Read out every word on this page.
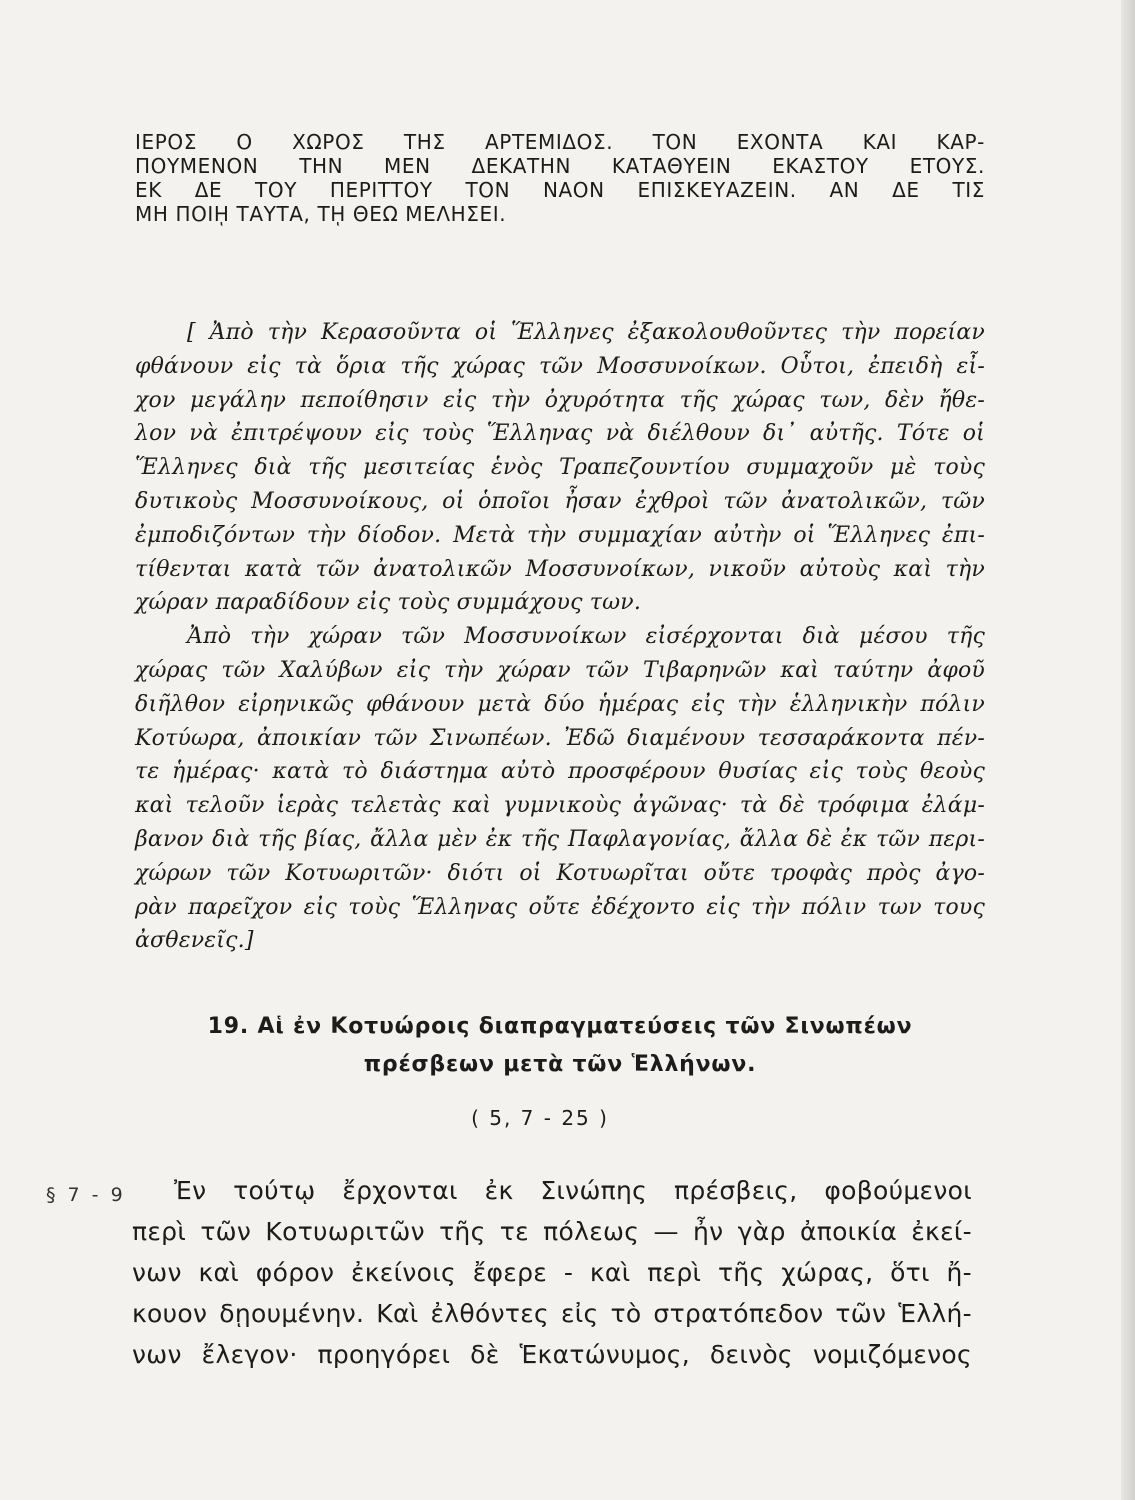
ΙΕΡΟΣ Ο ΧΩΡΟΣ ΤΗΣ ΑΡΤΕΜΙΔΟΣ. ΤΟΝ ΕΧΟΝΤΑ ΚΑΙ ΚΑΡ-
ΠΟΥΜΕΝΟΝ ΤΗΝ ΜΕΝ ΔΕΚΑΤΗΝ ΚΑΤΑΘΥΕΙΝ ΕΚΑΣΤΟΥ ΕΤΟΥΣ.
ΕΚ ΔΕ ΤΟΥ ΠΕΡΙΤΤΟΥ ΤΟΝ ΝΑΟΝ ΕΠΙΣΚΕΥΑΖΕΙΝ. ΑΝ ΔΕ ΤΙΣ
ΜΗ ΠΟΙῌ ΤΑΥΤΑ, Τῌ ΘΕΩ ΜΕΛΗΣΕΙ.
[ Ἀπὸ τὴν Κερασοῦντα οἱ Ἕλληνες ἐξακολουθοῦντες τὴν πορείαν
φθάνουν εἰς τὰ ὅρια τῆς χώρας τῶν Μοσσυνοίκων. Οὗτοι, ἐπειδὴ εἶ-
χον μεγάλην πεποίθησιν εἰς τὴν ὀχυρότητα τῆς χώρας των, δὲν ἤθε-
λον νὰ ἐπιτρέψουν εἰς τοὺς Ἕλληνας νὰ διέλθουν δι᾽ αὐτῆς. Τότε οἱ
Ἕλληνες διὰ τῆς μεσιτείας ἑνὸς Τραπεζουντίου συμμαχοῦν μὲ τοὺς
δυτικοὺς Μοσσυνοίκους, οἱ ὁποῖοι ἦσαν ἐχθροὶ τῶν ἀνατολικῶν, τῶν
ἐμποδιζόντων τὴν δίοδον. Μετὰ τὴν συμμαχίαν αὐτὴν οἱ Ἕλληνες ἐπι-
τίθενται κατὰ τῶν ἀνατολικῶν Μοσσυνοίκων, νικοῦν αὐτοὺς καὶ τὴν
χώραν παραδίδουν εἰς τοὺς συμμάχους των.
Ἀπὸ τὴν χώραν τῶν Μοσσυνοίκων εἰσέρχονται διὰ μέσου τῆς
χώρας τῶν Χαλύβων εἰς τὴν χώραν τῶν Τιβαρηνῶν καὶ ταύτην ἀφοῦ
διῆλθον εἰρηνικῶς φθάνουν μετὰ δύο ἡμέρας εἰς τὴν ἑλληνικὴν πόλιν
Κοτύωρα, ἀποικίαν τῶν Σινωπέων. Ἐδῶ διαμένουν τεσσαράκοντα πέν-
τε ἡμέρας· κατὰ τὸ διάστημα αὐτὸ προσφέρουν θυσίας εἰς τοὺς θεοὺς
καὶ τελοῦν ἱερὰς τελετὰς καὶ γυμνικοὺς ἀγῶνας· τὰ δὲ τρόφιμα ἐλάμ-
βανον διὰ τῆς βίας, ἄλλα μὲν ἐκ τῆς Παφλαγονίας, ἄλλα δὲ ἐκ τῶν περι-
χώρων τῶν Κοτυωριτῶν· διότι οἱ Κοτυωρῖται οὔτε τροφὰς πρὸς ἀγο-
ρὰν παρεῖχον εἰς τοὺς Ἕλληνας οὔτε ἐδέχοντο εἰς τὴν πόλιν των τους
ἀσθενεῖς.]
19. Αἱ ἐν Κοτυώροις διαπραγματεύσεις τῶν Σινωπέων
πρέσβεων μετὰ τῶν Ἑλλήνων.
( 5, 7 - 25 )
§ 7 - 9	Ἐν τούτῳ ἔρχονται ἐκ Σινώπης πρέσβεις, φοβούμενοι
περὶ τῶν Κοτυωριτῶν τῆς τε πόλεως — ἦν γὰρ ἀποικία ἐκεί-
νων καὶ φόρον ἐκείνοις ἔφερε - καὶ περὶ τῆς χώρας, ὅτι ἤ-
κουον δῃουμένην. Καὶ ἐλθόντες εἰς τὸ στρατόπεδον τῶν Ἑλλή-
νων ἔλεγον· προηγόρει δὲ Ἑκατώνυμος, δεινὸς νομιζόμενος
